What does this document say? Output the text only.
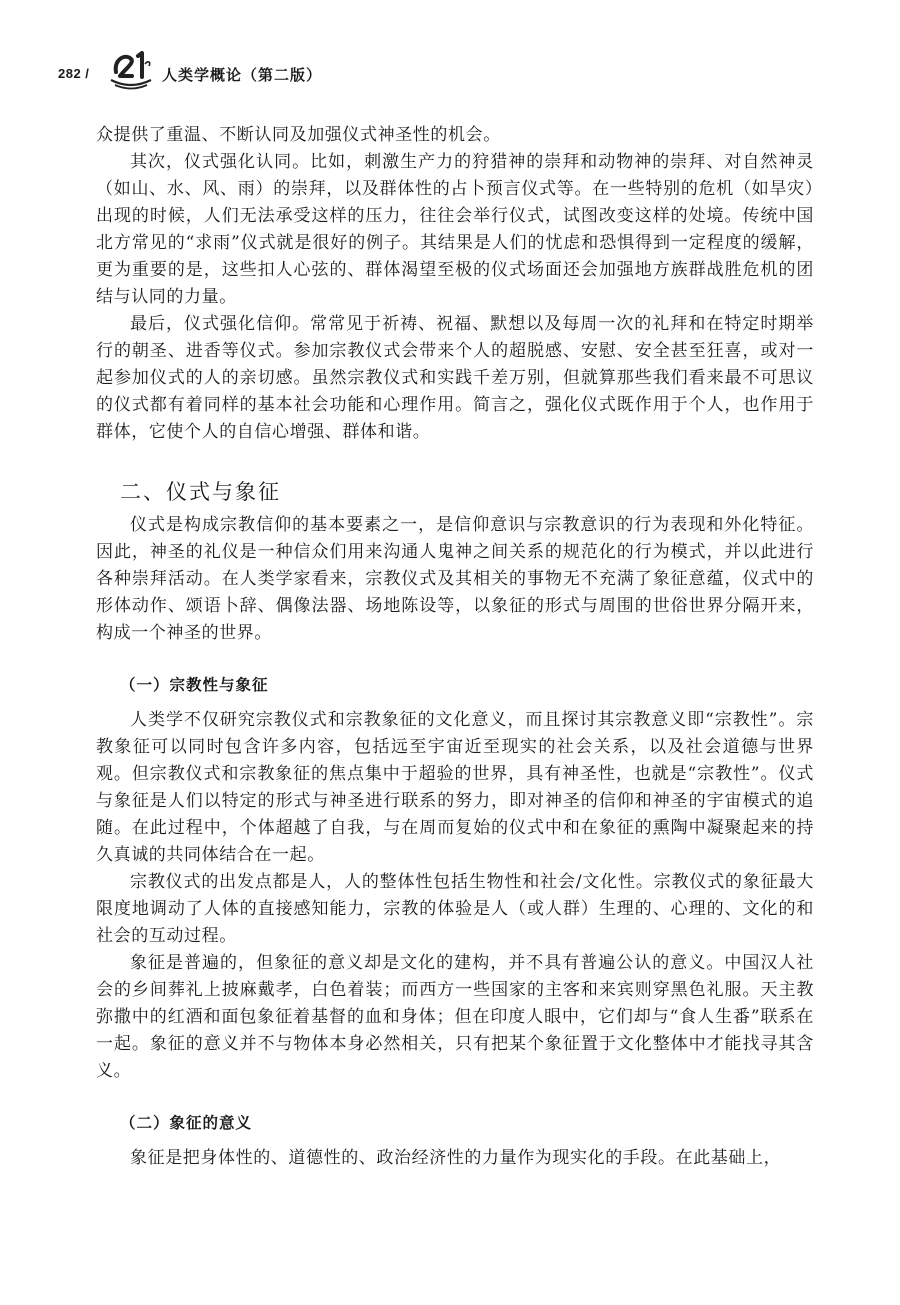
282 /	人类学概论（第二版）

众提供了重温、不断认同及加强仪式神圣性的机会。

其次，仪式强化认同。比如，刺激生产力的狩猎神的崇拜和动物神的崇拜、对自然神灵（如山、水、风、雨）的崇拜，以及群体性的占卜预言仪式等。在一些特别的危机（如旱灾）出现的时候，人们无法承受这样的压力，往往会举行仪式，试图改变这样的处境。传统中国北方常见的“求雨”仪式就是很好的例子。其结果是人们的忧虑和恐惧得到一定程度的缓解，更为重要的是，这些扣人心弦的、群体渴望至极的仪式场面还会加强地方族群战胜危机的团结与认同的力量。

最后，仪式强化信仰。常常见于祈祷、祝福、默想以及每周一次的礼拜和在特定时期举行的朝圣、进香等仪式。参加宗教仪式会带来个人的超脱感、安慰、安全甚至狂喜，或对一起参加仪式的人的亲切感。虽然宗教仪式和实践千差万别，但就算那些我们看来最不可思议的仪式都有着同样的基本社会功能和心理作用。简言之，强化仪式既作用于个人，也作用于群体，它使个人的自信心增强、群体和谐。

二、仪式与象征

仪式是构成宗教信仰的基本要素之一，是信仰意识与宗教意识的行为表现和外化特征。因此，神圣的礼仪是一种信众们用来沟通人鬼神之间关系的规范化的行为模式，并以此进行各种崇拜活动。在人类学家看来，宗教仪式及其相关的事物无不充满了象征意蕴，仪式中的形体动作、颂语卜辞、偶像法器、场地陈设等，以象征的形式与周围的世俗世界分隔开来，构成一个神圣的世界。

（一）宗教性与象征

人类学不仅研究宗教仪式和宗教象征的文化意义，而且探讨其宗教意义即“宗教性”。宗教象征可以同时包含许多内容，包括远至宇宙近至现实的社会关系，以及社会道德与世界观。但宗教仪式和宗教象征的焦点集中于超验的世界，具有神圣性，也就是“宗教性”。仪式与象征是人们以特定的形式与神圣进行联系的努力，即对神圣的信仰和神圣的宇宙模式的追随。在此过程中，个体超越了自我，与在周而复始的仪式中和在象征的熏陶中凝聚起来的持久真诚的共同体结合在一起。

宗教仪式的出发点都是人，人的整体性包括生物性和社会/文化性。宗教仪式的象征最大限度地调动了人体的直接感知能力，宗教的体验是人（或人群）生理的、心理的、文化的和社会的互动过程。

象征是普遍的，但象征的意义却是文化的建构，并不具有普遍公认的意义。中国汉人社会的乡间葬礼上披麻戴孝，白色着装；而西方一些国家的主客和来宾则穿黑色礼服。天主教弥撒中的红酒和面包象征着基督的血和身体；但在印度人眼中，它们却与“食人生番”联系在一起。象征的意义并不与物体本身必然相关，只有把某个象征置于文化整体中才能找寻其含义。

（二）象征的意义

象征是把身体性的、道德性的、政治经济性的力量作为现实化的手段。在此基础上，
